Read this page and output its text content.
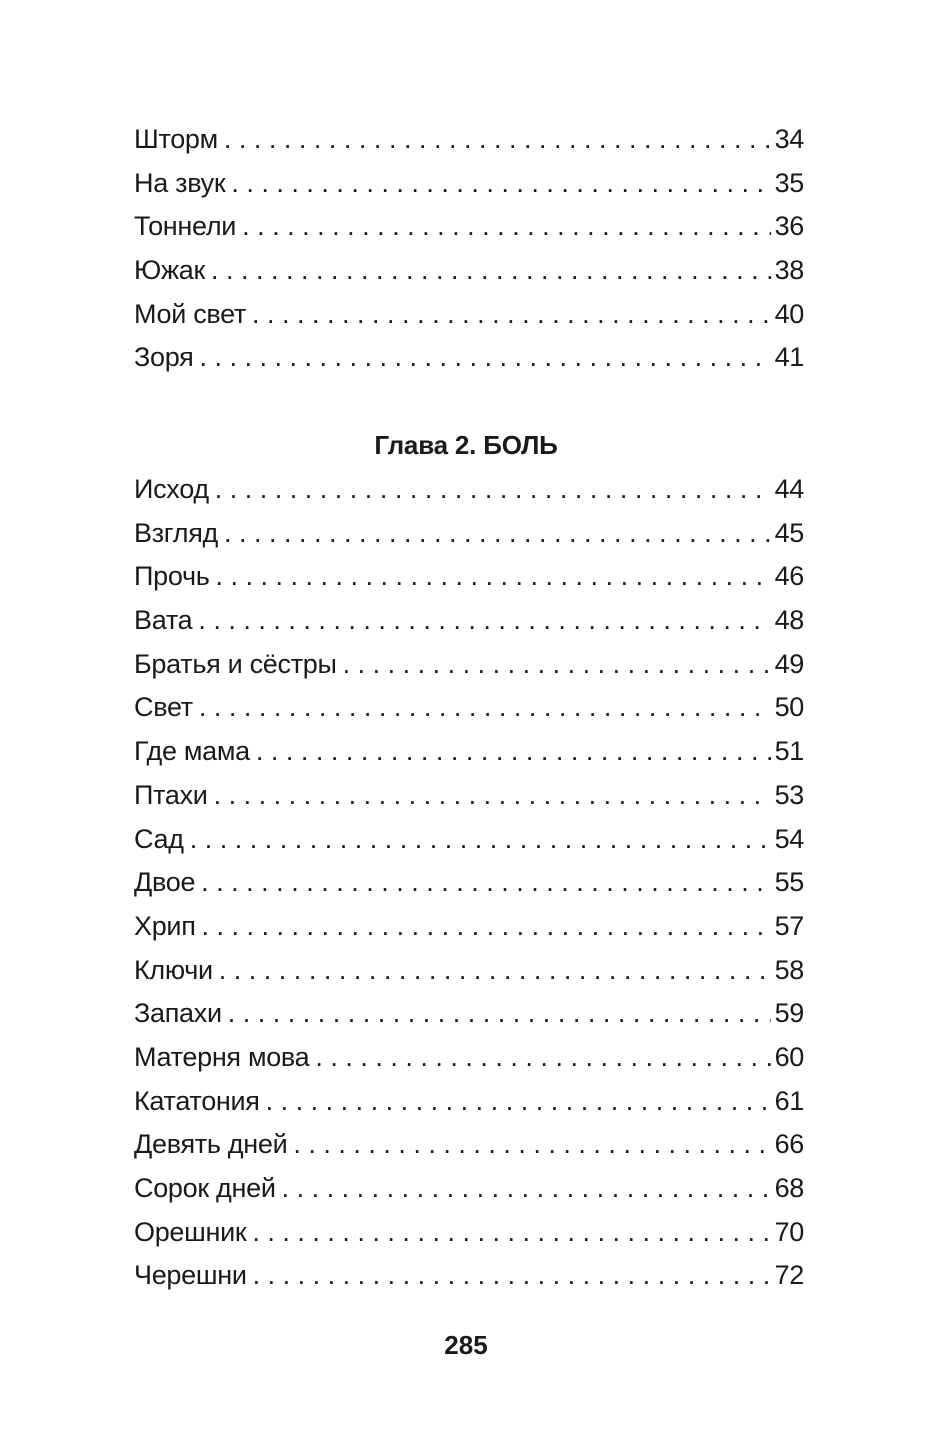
Шторм . . .	34
На звук . . .	35
Тоннели . . .	36
Южак . . .	38
Мой свет . . .	40
Зоря . . .	41
Глава 2. БОЛЬ
Исход . . .	44
Взгляд . . .	45
Прочь . . .	46
Вата . . .	48
Братья и сёстры . . .	49
Свет . . .	50
Где мама . . .	51
Птахи . . .	53
Сад . . .	54
Двое . . .	55
Хрип . . .	57
Ключи . . .	58
Запахи . . .	59
Матерня мова . . .	60
Кататония . . .	61
Девять дней . . .	66
Сорок дней . . .	68
Орешник . . .	70
Черешни . . .	72
285
